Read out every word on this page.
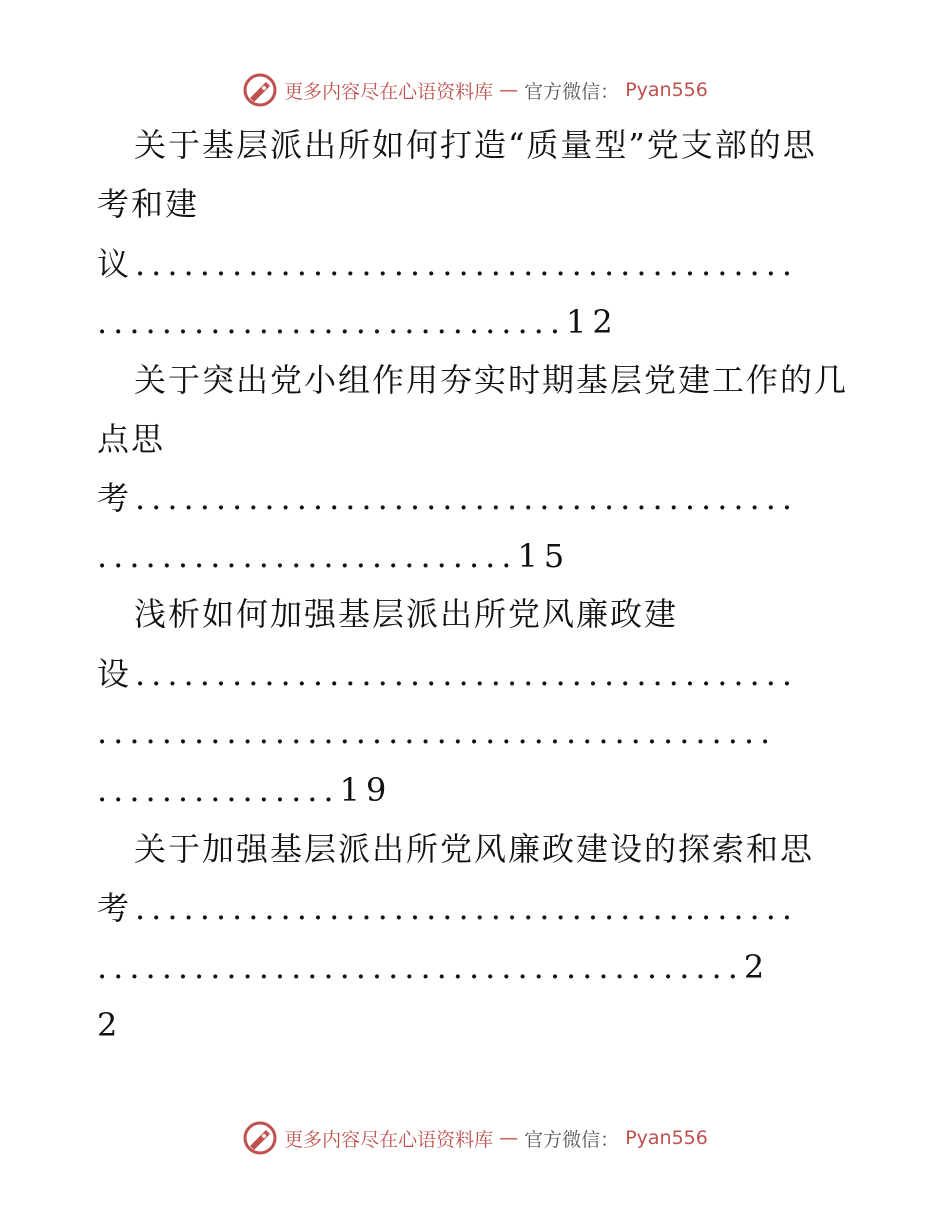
更多内容尽在心语资料库 — 官方微信： Pyan556
关于基层派出所如何打造“质量型”党支部的思
考和建
议.........................................
.............................12
关于突出党小组作用夯实时期基层党建工作的几
点思
考.........................................
..........................15
浅析如何加强基层派出所党风廉政建
设.........................................
..........................................
...............19
关于加强基层派出所党风廉政建设的探索和思
考.........................................
........................................2
2
更多内容尽在心语资料库 — 官方微信： Pyan556
